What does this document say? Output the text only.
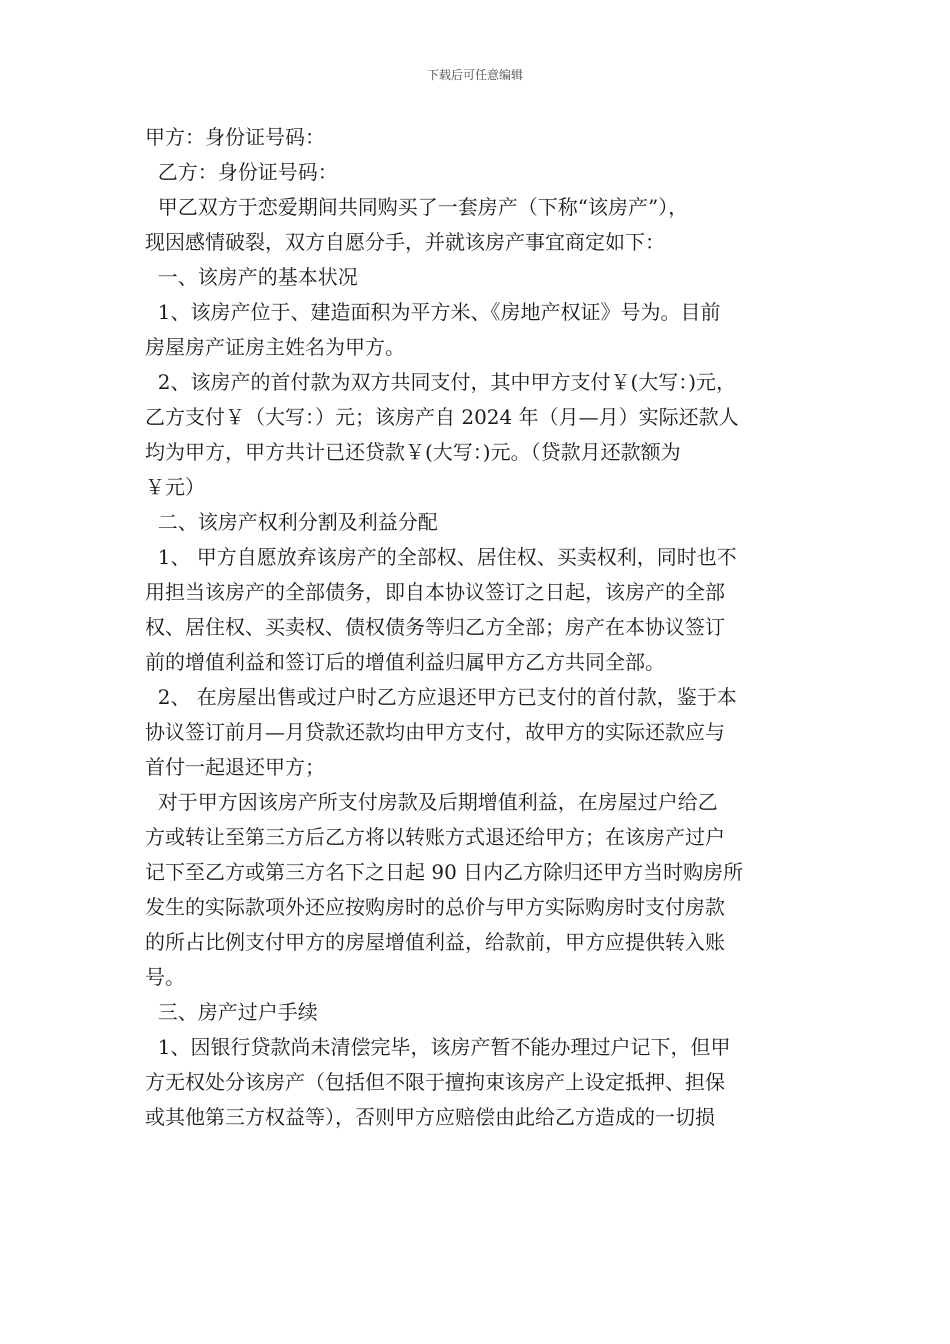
下载后可任意编辑
甲方：身份证号码：
乙方：身份证号码：
甲乙双方于恋爱期间共同购买了一套房产（下称“该房产”），
现因感情破裂，双方自愿分手，并就该房产事宜商定如下：
一、该房产的基本状况
1、该房产位于、建造面积为平方米、《房地产权证》号为。目前
房屋房产证房主姓名为甲方。
2、该房产的首付款为双方共同支付，其中甲方支付￥(大写：)元，
乙方支付￥（大写：）元；该房产自 2024 年（月—月）实际还款人
均为甲方，甲方共计已还贷款￥(大写：)元。（贷款月还款额为
￥元）
二、该房产权利分割及利益分配
1、 甲方自愿放弃该房产的全部权、居住权、买卖权利，同时也不
用担当该房产的全部债务，即自本协议签订之日起，该房产的全部
权、居住权、买卖权、债权债务等归乙方全部；房产在本协议签订
前的增值利益和签订后的增值利益归属甲方乙方共同全部。
2、 在房屋出售或过户时乙方应退还甲方已支付的首付款，鉴于本
协议签订前月—月贷款还款均由甲方支付，故甲方的实际还款应与
首付一起退还甲方；
对于甲方因该房产所支付房款及后期增值利益，在房屋过户给乙
方或转让至第三方后乙方将以转账方式退还给甲方；在该房产过户
记下至乙方或第三方名下之日起 90 日内乙方除归还甲方当时购房所
发生的实际款项外还应按购房时的总价与甲方实际购房时支付房款
的所占比例支付甲方的房屋增值利益，给款前，甲方应提供转入账
号。
三、房产过户手续
1、因银行贷款尚未清偿完毕，该房产暂不能办理过户记下，但甲
方无权处分该房产（包括但不限于擅拘束该房产上设定抵押、担保
或其他第三方权益等），否则甲方应赔偿由此给乙方造成的一切损
